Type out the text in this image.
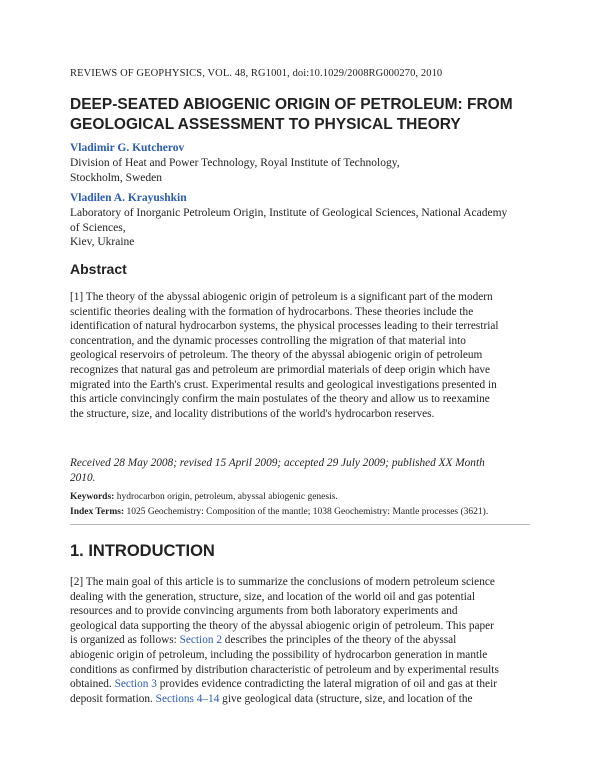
REVIEWS OF GEOPHYSICS, VOL. 48, RG1001, doi:10.1029/2008RG000270, 2010
DEEP-SEATED ABIOGENIC ORIGIN OF PETROLEUM: FROM
GEOLOGICAL ASSESSMENT TO PHYSICAL THEORY
Vladimir G. Kutcherov
Division of Heat and Power Technology, Royal Institute of Technology,
Stockholm, Sweden
Vladilen A. Krayushkin
Laboratory of Inorganic Petroleum Origin, Institute of Geological Sciences, National Academy
of Sciences,
Kiev, Ukraine
Abstract
[1] The theory of the abyssal abiogenic origin of petroleum is a significant part of the modern
scientific theories dealing with the formation of hydrocarbons. These theories include the
identification of natural hydrocarbon systems, the physical processes leading to their terrestrial
concentration, and the dynamic processes controlling the migration of that material into
geological reservoirs of petroleum. The theory of the abyssal abiogenic origin of petroleum
recognizes that natural gas and petroleum are primordial materials of deep origin which have
migrated into the Earth's crust. Experimental results and geological investigations presented in
this article convincingly confirm the main postulates of the theory and allow us to reexamine
the structure, size, and locality distributions of the world's hydrocarbon reserves.
Received 28 May 2008; revised 15 April 2009; accepted 29 July 2009; published XX Month
2010.
Keywords: hydrocarbon origin, petroleum, abyssal abiogenic genesis.
Index Terms: 1025 Geochemistry: Composition of the mantle; 1038 Geochemistry: Mantle processes (3621).
1. INTRODUCTION
[2] The main goal of this article is to summarize the conclusions of modern petroleum science
dealing with the generation, structure, size, and location of the world oil and gas potential
resources and to provide convincing arguments from both laboratory experiments and
geological data supporting the theory of the abyssal abiogenic origin of petroleum. This paper
is organized as follows: Section 2 describes the principles of the theory of the abyssal
abiogenic origin of petroleum, including the possibility of hydrocarbon generation in mantle
conditions as confirmed by distribution characteristic of petroleum and by experimental results
obtained. Section 3 provides evidence contradicting the lateral migration of oil and gas at their
deposit formation. Sections 4–14 give geological data (structure, size, and location of the
